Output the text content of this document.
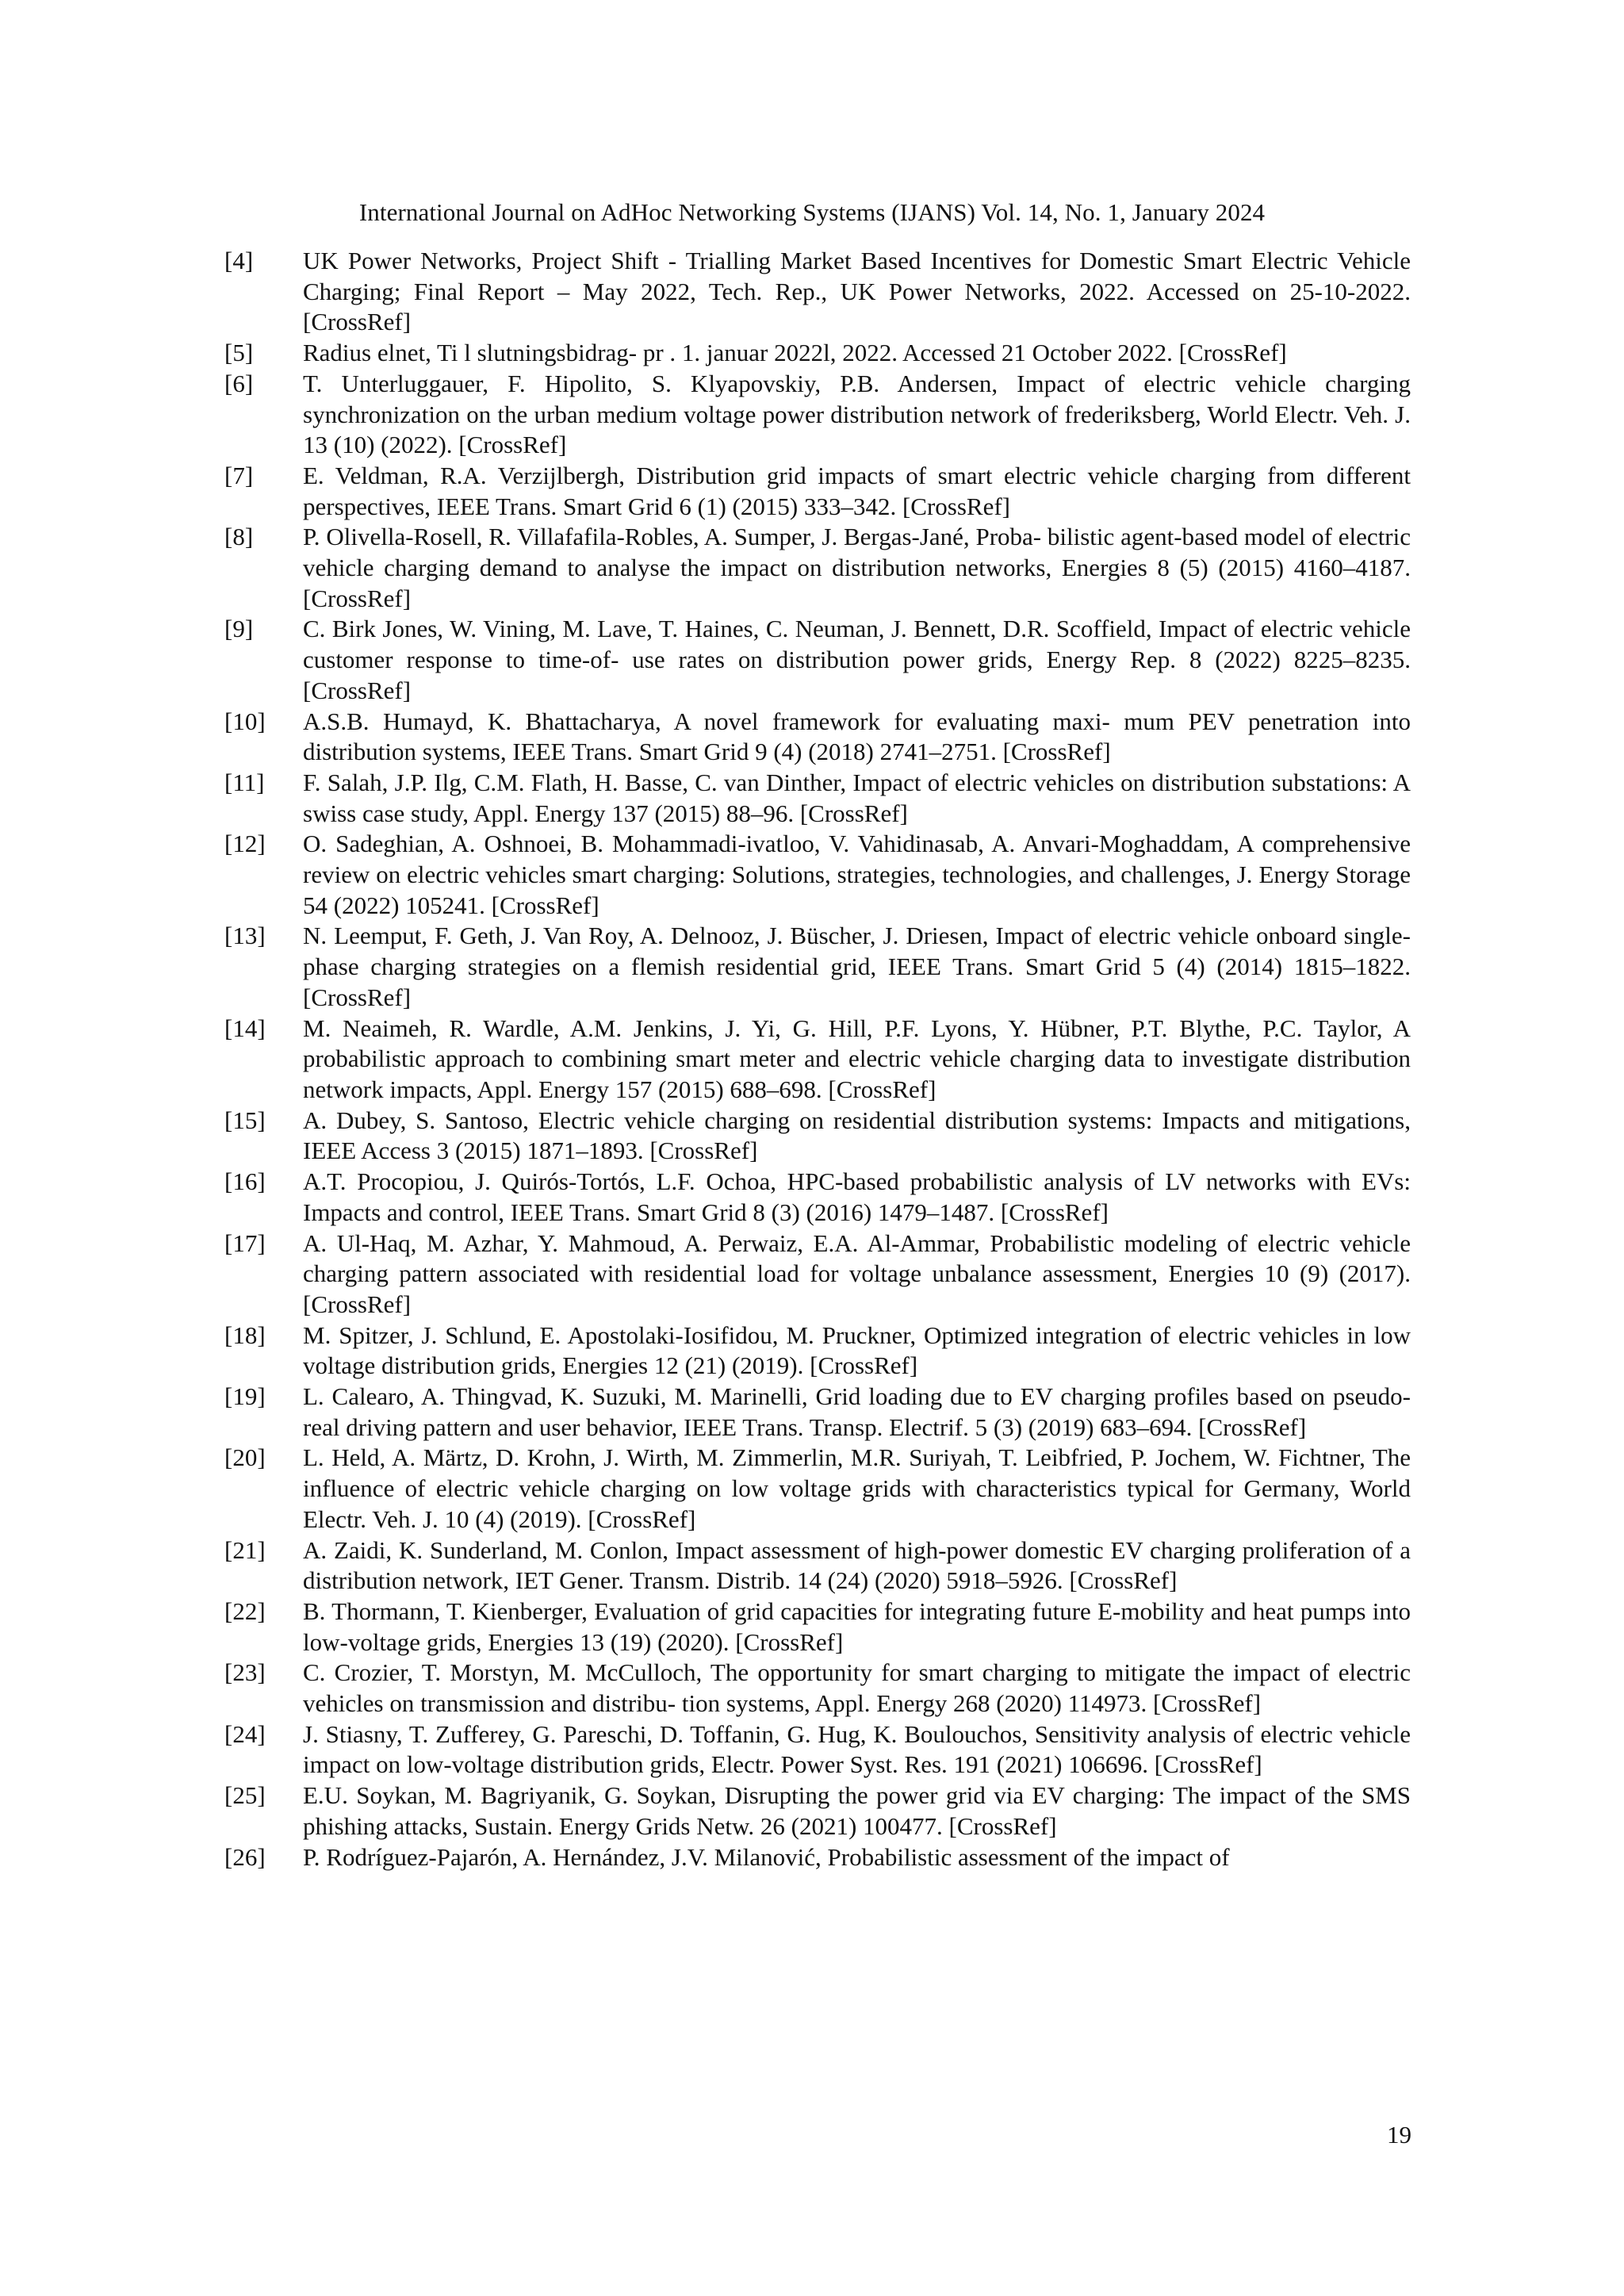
International Journal on AdHoc Networking Systems (IJANS) Vol. 14, No. 1, January 2024
[4]	UK Power Networks, Project Shift - Trialling Market Based Incentives for Domestic Smart Electric Vehicle Charging; Final Report – May 2022, Tech. Rep., UK Power Networks, 2022. Accessed on 25-10-2022. [CrossRef]

[5]	Radius elnet, Ti l slutningsbidrag- pr . 1. januar 2022l, 2022. Accessed 21 October 2022. [CrossRef]

[6]	T. Unterluggauer, F. Hipolito, S. Klyapovskiy, P.B. Andersen, Impact of electric vehicle charging synchronization on the urban medium voltage power distribution network of frederiksberg, World Electr. Veh. J. 13 (10) (2022). [CrossRef]

[7]	E. Veldman, R.A. Verzijlbergh, Distribution grid impacts of smart electric vehicle charging from different perspectives, IEEE Trans. Smart Grid 6 (1) (2015) 333–342. [CrossRef]

[8]	P. Olivella-Rosell, R. Villafafila-Robles, A. Sumper, J. Bergas-Jané, Proba- bilistic agent-based model of electric vehicle charging demand to analyse the impact on distribution networks, Energies 8 (5) (2015) 4160–4187. [CrossRef]

[9]	C. Birk Jones, W. Vining, M. Lave, T. Haines, C. Neuman, J. Bennett, D.R. Scoffield, Impact of electric vehicle customer response to time-of- use rates on distribution power grids, Energy Rep. 8 (2022) 8225–8235. [CrossRef]

[10]	A.S.B. Humayd, K. Bhattacharya, A novel framework for evaluating maxi- mum PEV penetration into distribution systems, IEEE Trans. Smart Grid 9 (4) (2018) 2741–2751. [CrossRef]

[11]	F. Salah, J.P. Ilg, C.M. Flath, H. Basse, C. van Dinther, Impact of electric vehicles on distribution substations: A swiss case study, Appl. Energy 137 (2015) 88–96. [CrossRef]

[12]	O. Sadeghian, A. Oshnoei, B. Mohammadi-ivatloo, V. Vahidinasab, A. Anvari-Moghaddam, A comprehensive review on electric vehicles smart charging: Solutions, strategies, technologies, and challenges, J. Energy Storage 54 (2022) 105241. [CrossRef]

[13]	N. Leemput, F. Geth, J. Van Roy, A. Delnooz, J. Büscher, J. Driesen, Impact of electric vehicle onboard single-phase charging strategies on a flemish residential grid, IEEE Trans. Smart Grid 5 (4) (2014) 1815–1822. [CrossRef]

[14]	M. Neaimeh, R. Wardle, A.M. Jenkins, J. Yi, G. Hill, P.F. Lyons, Y. Hübner, P.T. Blythe, P.C. Taylor, A probabilistic approach to combining smart meter and electric vehicle charging data to investigate distribution network impacts, Appl. Energy 157 (2015) 688–698. [CrossRef]

[15]	A. Dubey, S. Santoso, Electric vehicle charging on residential distribution systems: Impacts and mitigations, IEEE Access 3 (2015) 1871–1893. [CrossRef]

[16]	A.T. Procopiou, J. Quirós-Tortós, L.F. Ochoa, HPC-based probabilistic analysis of LV networks with EVs: Impacts and control, IEEE Trans. Smart Grid 8 (3) (2016) 1479–1487. [CrossRef]

[17]	A. Ul-Haq, M. Azhar, Y. Mahmoud, A. Perwaiz, E.A. Al-Ammar, Probabilistic modeling of electric vehicle charging pattern associated with residential load for voltage unbalance assessment, Energies 10 (9) (2017). [CrossRef]

[18]	M. Spitzer, J. Schlund, E. Apostolaki-Iosifidou, M. Pruckner, Optimized integration of electric vehicles in low voltage distribution grids, Energies 12 (21) (2019). [CrossRef]

[19]	L. Calearo, A. Thingvad, K. Suzuki, M. Marinelli, Grid loading due to EV charging profiles based on pseudo-real driving pattern and user behavior, IEEE Trans. Transp. Electrif. 5 (3) (2019) 683–694. [CrossRef]

[20]	L. Held, A. Märtz, D. Krohn, J. Wirth, M. Zimmerlin, M.R. Suriyah, T. Leibfried, P. Jochem, W. Fichtner, The influence of electric vehicle charging on low voltage grids with characteristics typical for Germany, World Electr. Veh. J. 10 (4) (2019). [CrossRef]

[21]	A. Zaidi, K. Sunderland, M. Conlon, Impact assessment of high-power domestic EV charging proliferation of a distribution network, IET Gener. Transm. Distrib. 14 (24) (2020) 5918–5926. [CrossRef]

[22]	B. Thormann, T. Kienberger, Evaluation of grid capacities for integrating future E-mobility and heat pumps into low-voltage grids, Energies 13 (19) (2020). [CrossRef]

[23]	C. Crozier, T. Morstyn, M. McCulloch, The opportunity for smart charging to mitigate the impact of electric vehicles on transmission and distribu- tion systems, Appl. Energy 268 (2020) 114973. [CrossRef]

[24]	J. Stiasny, T. Zufferey, G. Pareschi, D. Toffanin, G. Hug, K. Boulouchos, Sensitivity analysis of electric vehicle impact on low-voltage distribution grids, Electr. Power Syst. Res. 191 (2021) 106696. [CrossRef]

[25]	E.U. Soykan, M. Bagriyanik, G. Soykan, Disrupting the power grid via EV charging: The impact of the SMS phishing attacks, Sustain. Energy Grids Netw. 26 (2021) 100477. [CrossRef]

[26]	P. Rodríguez-Pajarón, A. Hernández, J.V. Milanović, Probabilistic assessment of the impact of

19
